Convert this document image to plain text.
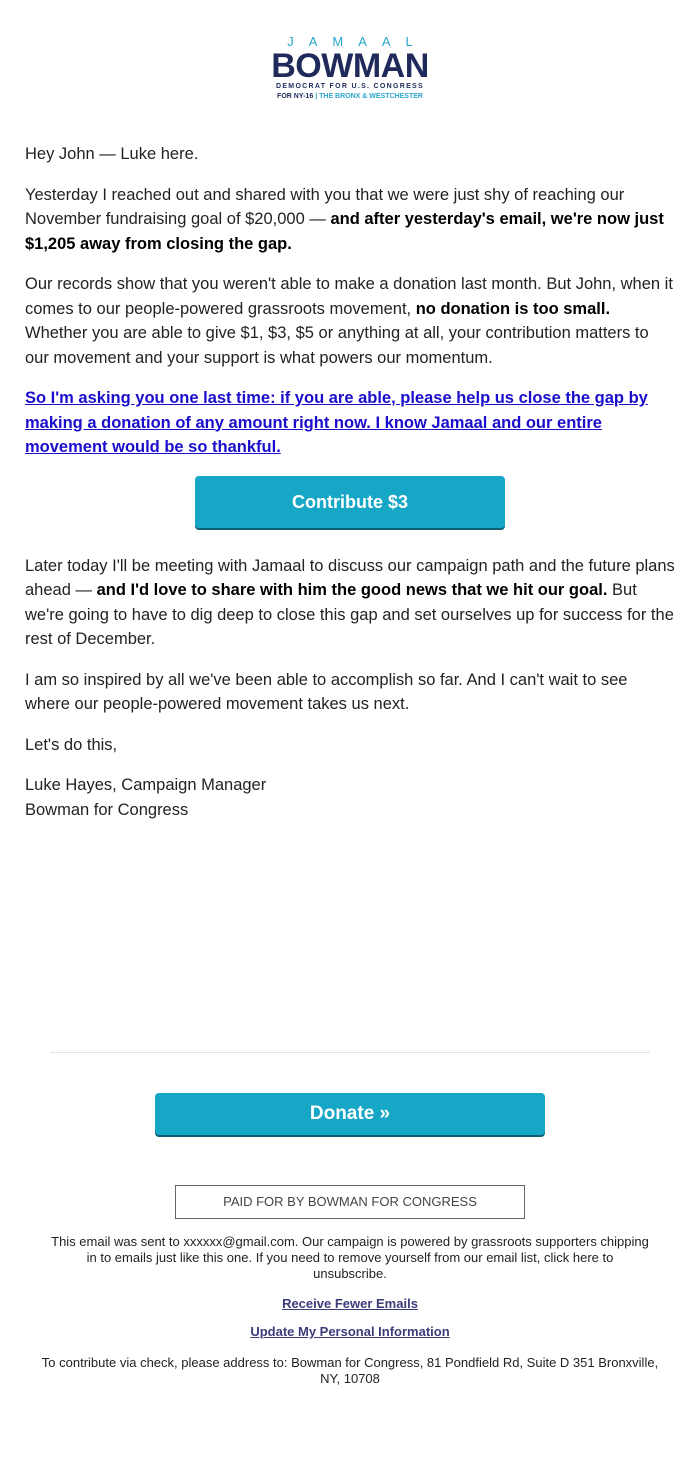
JAMAAL
BOWMAN
DEMOCRAT FOR U.S. CONGRESS
FOR NY-16 | THE BRONX & WESTCHESTER

Hey John — Luke here.

Yesterday I reached out and shared with you that we were just shy of reaching our November fundraising goal of $20,000 — and after yesterday's email, we're now just $1,205 away from closing the gap.

Our records show that you weren't able to make a donation last month. But John, when it comes to our people-powered grassroots movement, no donation is too small. Whether you are able to give $1, $3, $5 or anything at all, your contribution matters to our movement and your support is what powers our momentum.

So I'm asking you one last time: if you are able, please help us close the gap by making a donation of any amount right now. I know Jamaal and our entire movement would be so thankful.

Contribute $3

Later today I'll be meeting with Jamaal to discuss our campaign path and the future plans ahead — and I'd love to share with him the good news that we hit our goal. But we're going to have to dig deep to close this gap and set ourselves up for success for the rest of December.

I am so inspired by all we've been able to accomplish so far. And I can't wait to see where our people-powered movement takes us next.

Let's do this,

Luke Hayes, Campaign Manager

Bowman for Congress

Donate »
PAID FOR BY BOWMAN FOR CONGRESS
This email was sent to xxxxxx@gmail.com. Our campaign is powered by grassroots supporters chipping in to emails just like this one. If you need to remove yourself from our email list, click here to unsubscribe.
Receive Fewer Emails
Update My Personal Information
To contribute via check, please address to: Bowman for Congress, 81 Pondfield Rd, Suite D 351 Bronxville, NY, 10708
